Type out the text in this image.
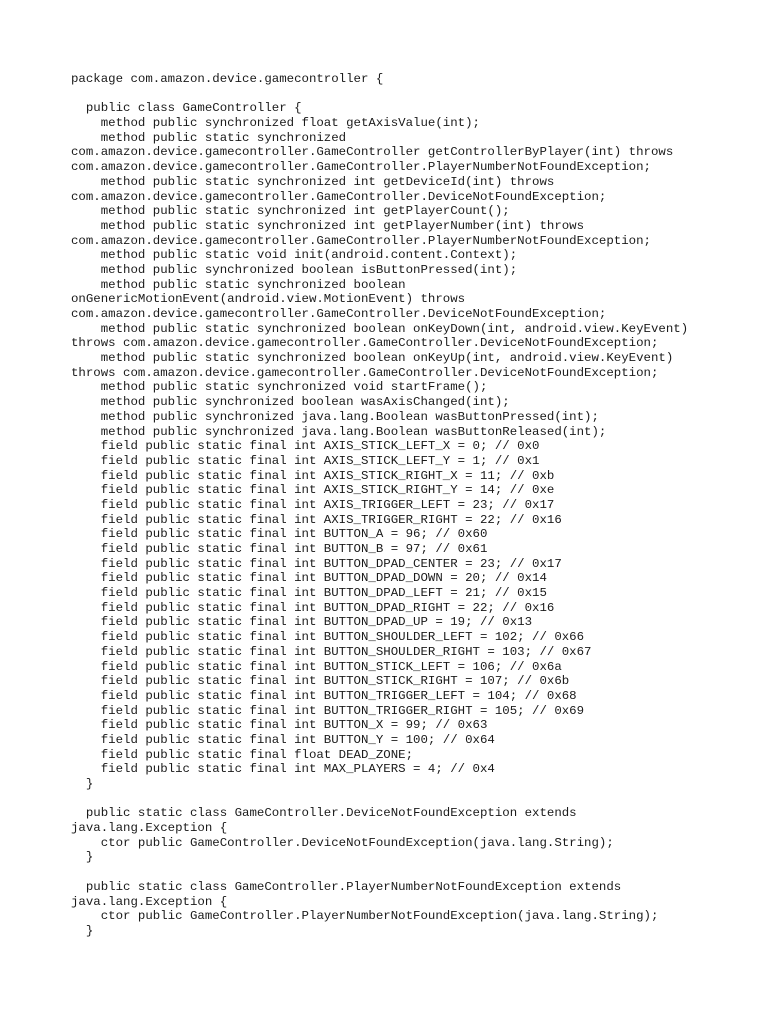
package com.amazon.device.gamecontroller {
public class GameController {
method public synchronized float getAxisValue(int);
method public static synchronized
com.amazon.device.gamecontroller.GameController getControllerByPlayer(int) throws
com.amazon.device.gamecontroller.GameController.PlayerNumberNotFoundException;
method public static synchronized int getDeviceId(int) throws
com.amazon.device.gamecontroller.GameController.DeviceNotFoundException;
method public static synchronized int getPlayerCount();
method public static synchronized int getPlayerNumber(int) throws
com.amazon.device.gamecontroller.GameController.PlayerNumberNotFoundException;
method public static void init(android.content.Context);
method public synchronized boolean isButtonPressed(int);
method public static synchronized boolean
onGenericMotionEvent(android.view.MotionEvent) throws
com.amazon.device.gamecontroller.GameController.DeviceNotFoundException;
method public static synchronized boolean onKeyDown(int, android.view.KeyEvent)
throws com.amazon.device.gamecontroller.GameController.DeviceNotFoundException;
method public static synchronized boolean onKeyUp(int, android.view.KeyEvent)
throws com.amazon.device.gamecontroller.GameController.DeviceNotFoundException;
method public static synchronized void startFrame();
method public synchronized boolean wasAxisChanged(int);
method public synchronized java.lang.Boolean wasButtonPressed(int);
method public synchronized java.lang.Boolean wasButtonReleased(int);
field public static final int AXIS_STICK_LEFT_X = 0; // 0x0
field public static final int AXIS_STICK_LEFT_Y = 1; // 0x1
field public static final int AXIS_STICK_RIGHT_X = 11; // 0xb
field public static final int AXIS_STICK_RIGHT_Y = 14; // 0xe
field public static final int AXIS_TRIGGER_LEFT = 23; // 0x17
field public static final int AXIS_TRIGGER_RIGHT = 22; // 0x16
field public static final int BUTTON_A = 96; // 0x60
field public static final int BUTTON_B = 97; // 0x61
field public static final int BUTTON_DPAD_CENTER = 23; // 0x17
field public static final int BUTTON_DPAD_DOWN = 20; // 0x14
field public static final int BUTTON_DPAD_LEFT = 21; // 0x15
field public static final int BUTTON_DPAD_RIGHT = 22; // 0x16
field public static final int BUTTON_DPAD_UP = 19; // 0x13
field public static final int BUTTON_SHOULDER_LEFT = 102; // 0x66
field public static final int BUTTON_SHOULDER_RIGHT = 103; // 0x67
field public static final int BUTTON_STICK_LEFT = 106; // 0x6a
field public static final int BUTTON_STICK_RIGHT = 107; // 0x6b
field public static final int BUTTON_TRIGGER_LEFT = 104; // 0x68
field public static final int BUTTON_TRIGGER_RIGHT = 105; // 0x69
field public static final int BUTTON_X = 99; // 0x63
field public static final int BUTTON_Y = 100; // 0x64
field public static final float DEAD_ZONE;
field public static final int MAX_PLAYERS = 4; // 0x4
}
public static class GameController.DeviceNotFoundException extends
java.lang.Exception {
ctor public GameController.DeviceNotFoundException(java.lang.String);
}
public static class GameController.PlayerNumberNotFoundException extends
java.lang.Exception {
ctor public GameController.PlayerNumberNotFoundException(java.lang.String);
}
